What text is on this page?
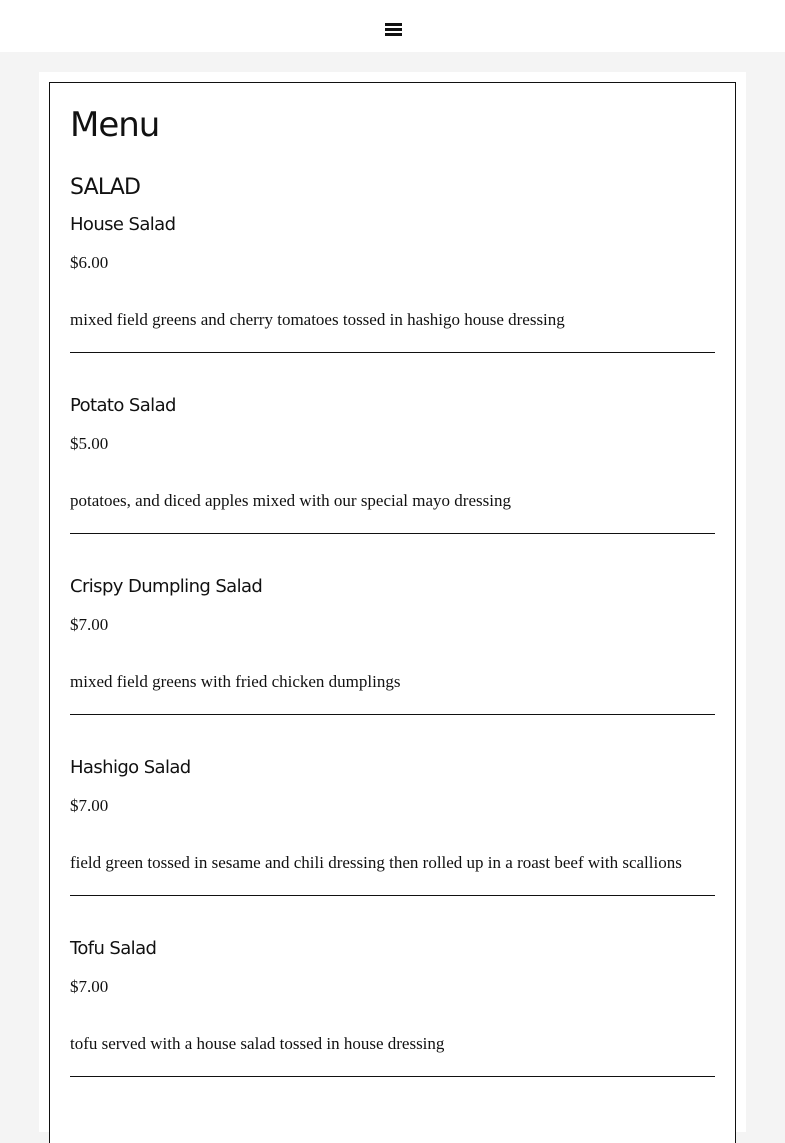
Menu
SALAD
House Salad
$6.00
mixed field greens and cherry tomatoes tossed in hashigo house dressing
Potato Salad
$5.00
potatoes, and diced apples mixed with our special mayo dressing
Crispy Dumpling Salad
$7.00
mixed field greens with fried chicken dumplings
Hashigo Salad
$7.00
field green tossed in sesame and chili dressing then rolled up in a roast beef with scallions
Tofu Salad
$7.00
tofu served with a house salad tossed in house dressing
